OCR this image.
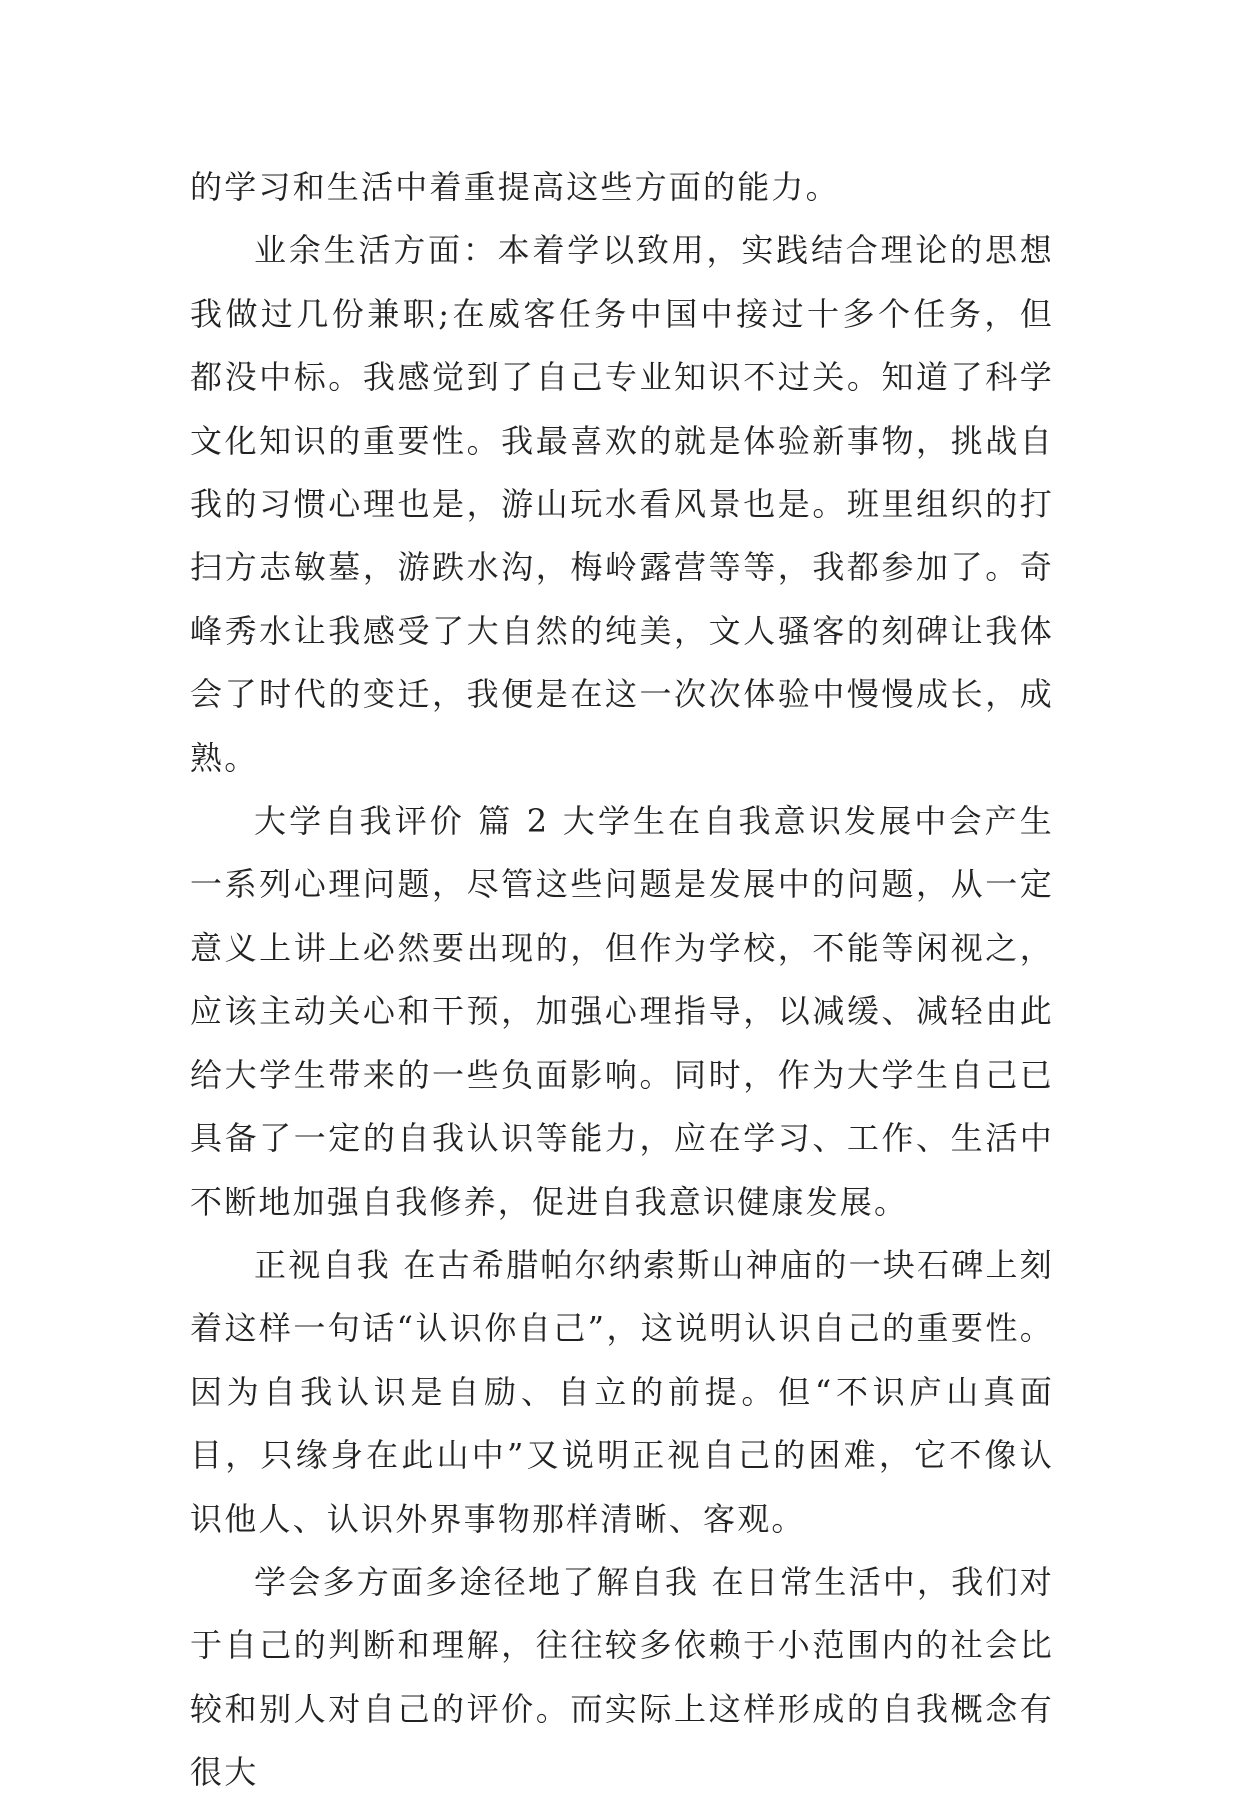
的学习和生活中着重提高这些方面的能力。

业余生活方面：本着学以致用，实践结合理论的思想我做过几份兼职;在威客任务中国中接过十多个任务，但都没中标。我感觉到了自己专业知识不过关。知道了科学文化知识的重要性。我最喜欢的就是体验新事物，挑战自我的习惯心理也是，游山玩水看风景也是。班里组织的打扫方志敏墓，游跌水沟，梅岭露营等等，我都参加了。奇峰秀水让我感受了大自然的纯美，文人骚客的刻碑让我体会了时代的变迁，我便是在这一次次体验中慢慢成长，成熟。

大学自我评价 篇 2 大学生在自我意识发展中会产生一系列心理问题，尽管这些问题是发展中的问题，从一定意义上讲上必然要出现的，但作为学校，不能等闲视之，应该主动关心和干预，加强心理指导，以减缓、减轻由此给大学生带来的一些负面影响。同时，作为大学生自己已具备了一定的自我认识等能力，应在学习、工作、生活中不断地加强自我修养，促进自我意识健康发展。

正视自我 在古希腊帕尔纳索斯山神庙的一块石碑上刻着这样一句话“认识你自己”，这说明认识自己的重要性。因为自我认识是自励、自立的前提。但“不识庐山真面目，只缘身在此山中”又说明正视自己的困难，它不像认识他人、认识外界事物那样清晰、客观。

学会多方面多途径地了解自我 在日常生活中，我们对于自己的判断和理解，往往较多依赖于小范围内的社会比较和别人对自己的评价。而实际上这样形成的自我概念有很大
